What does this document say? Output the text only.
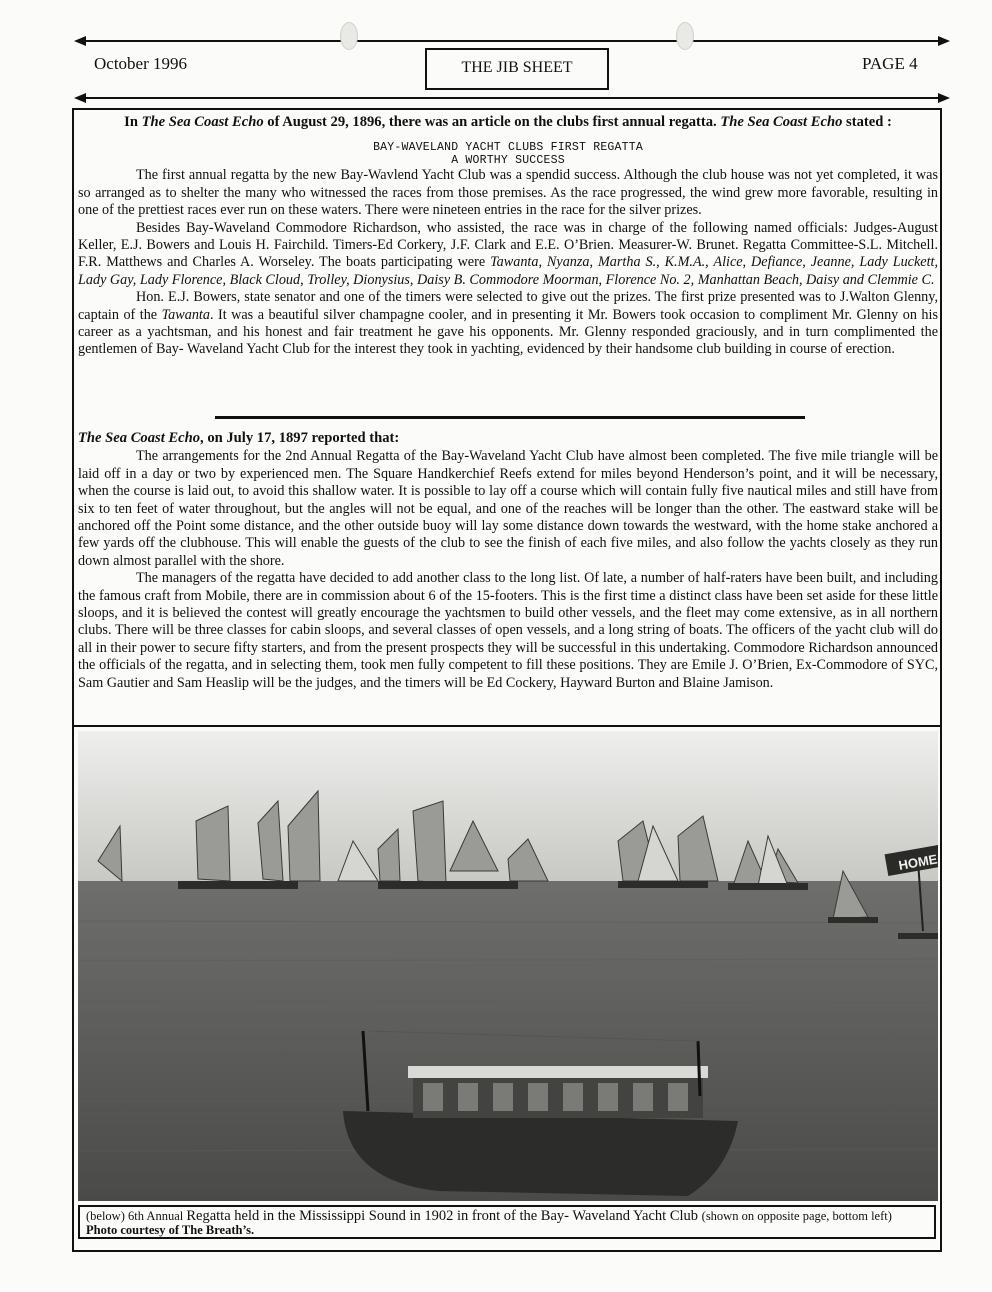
October 1996	THE JIB SHEET	PAGE 4
In The Sea Coast Echo of August 29, 1896, there was an article on the clubs first annual regatta. The Sea Coast Echo stated :
BAY-WAVELAND YACHT CLUBS FIRST REGATTA
A WORTHY SUCCESS

The first annual regatta by the new Bay-Wavlend Yacht Club was a spendid success. Although the club house was not yet completed, it was so arranged as to shelter the many who witnessed the races from those premises. As the race progressed, the wind grew more favorable, resulting in one of the prettiest races ever run on these waters. There were nineteen entries in the race for the silver prizes.

Besides Bay-Waveland Commodore Richardson, who assisted, the race was in charge of the following named officials: Judges-August Keller, E.J. Bowers and Louis H. Fairchild. Timers-Ed Corkery, J.F. Clark and E.E. O’Brien. Measurer-W. Brunet. Regatta Committee-S.L. Mitchell. F.R. Matthews and Charles A. Worseley. The boats participating were Tawanta, Nyanza, Martha S., K.M.A., Alice, Defiance, Jeanne, Lady Luckett, Lady Gay, Lady Florence, Black Cloud, Trolley, Dionysius, Daisy B. Commodore Moorman, Florence No. 2, Manhattan Beach, Daisy and Clemmie C.

Hon. E.J. Bowers, state senator and one of the timers were selected to give out the prizes. The first prize presented was to J.Walton Glenny, captain of the Tawanta. It was a beautiful silver champagne cooler, and in presenting it Mr. Bowers took occasion to compliment Mr. Glenny on his career as a yachtsman, and his honest and fair treatment he gave his opponents. Mr. Glenny responded graciously, and in turn complimented the gentlemen of Bay- Waveland Yacht Club for the interest they took in yachting, evidenced by their handsome club building in course of erection.

The Sea Coast Echo, on July 17, 1897 reported that:

The arrangements for the 2nd Annual Regatta of the Bay-Waveland Yacht Club have almost been completed. The five mile triangle will be laid off in a day or two by experienced men. The Square Handkerchief Reefs extend for miles beyond Henderson’s point, and it will be necessary, when the course is laid out, to avoid this shallow water. It is possible to lay off a course which will contain fully five nautical miles and still have from six to ten feet of water throughout, but the angles will not be equal, and one of the reaches will be longer than the other. The eastward stake will be anchored off the Point some distance, and the other outside buoy will lay some distance down towards the westward, with the home stake anchored a few yards off the clubhouse. This will enable the guests of the club to see the finish of each five miles, and also follow the yachts closely as they run down almost parallel with the shore.

The managers of the regatta have decided to add another class to the long list. Of late, a number of half-raters have been built, and including the famous craft from Mobile, there are in commission about 6 of the 15-footers. This is the first time a distinct class have been set aside for these little sloops, and it is believed the contest will greatly encourage the yachtsmen to build other vessels, and the fleet may come extensive, as in all northern clubs. There will be three classes for cabin sloops, and several classes of open vessels, and a long string of boats. The officers of the yacht club will do all in their power to secure fifty starters, and from the present prospects they will be successful in this undertaking. Commodore Richardson announced the officials of the regatta, and in selecting them, took men fully competent to fill these positions. They are Emile J. O’Brien, Ex-Commodore of SYC, Sam Gautier and Sam Heaslip will be the judges, and the timers will be Ed Cockery, Hayward Burton and Blaine Jamison.

HOME
(below) 6th Annual Regatta held in the Mississippi Sound in 1902 in front of the Bay- Waveland Yacht Club (shown on opposite page, bottom left)
Photo courtesy of The Breath’s.
